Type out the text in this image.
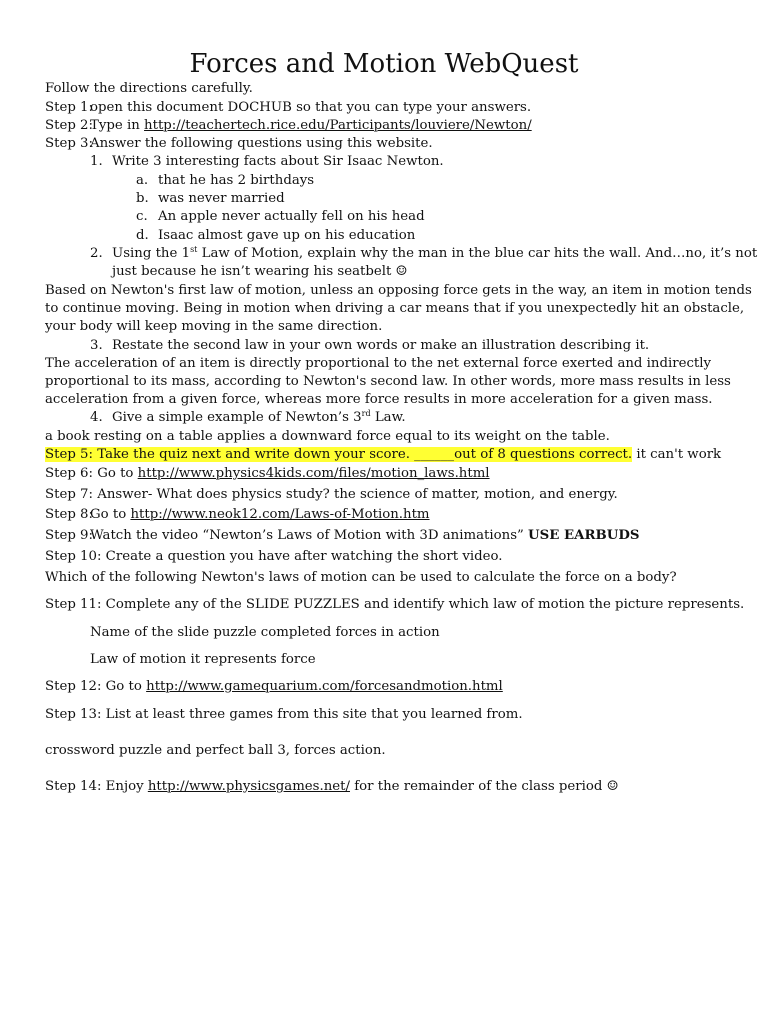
Forces and Motion WebQuest
Follow the directions carefully.
Step 1:open this document DOCHUB so that you can type your answers.
Step 2:Type in http://teachertech.rice.edu/Participants/louviere/Newton/
Step 3:Answer the following questions using this website.
1. Write 3 interesting facts about Sir Isaac Newton.
a. that he has 2 birthdays
b. was never married
c. An apple never actually fell on his head
d. Isaac almost gave up on his education
2. Using the 1st Law of Motion, explain why the man in the blue car hits the wall. And…no, it’s not
just because he isn’t wearing his seatbelt ☺
Based on Newton's first law of motion, unless an opposing force gets in the way, an item in motion tends
to continue moving. Being in motion when driving a car means that if you unexpectedly hit an obstacle,
your body will keep moving in the same direction.
3. Restate the second law in your own words or make an illustration describing it.
The acceleration of an item is directly proportional to the net external force exerted and indirectly
proportional to its mass, according to Newton's second law. In other words, more mass results in less
acceleration from a given force, whereas more force results in more acceleration for a given mass.
4. Give a simple example of Newton’s 3rd Law.
a book resting on a table applies a downward force equal to its weight on the table.
Step 5: Take the quiz next and write down your score. ______out of 8 questions correct. it can't work
Step 6: Go to http://www.physics4kids.com/files/motion_laws.html
Step 7: Answer- What does physics study? the science of matter, motion, and energy.
Step 8:Go to http://www.neok12.com/Laws-of-Motion.htm
Step 9:Watch the video “Newton’s Laws of Motion with 3D animations” USE EARBUDS
Step 10: Create a question you have after watching the short video.
Which of the following Newton's laws of motion can be used to calculate the force on a body?
Step 11: Complete any of the SLIDE PUZZLES and identify which law of motion the picture represents.
Name of the slide puzzle completed forces in action
Law of motion it represents force
Step 12: Go to http://www.gamequarium.com/forcesandmotion.html
Step 13: List at least three games from this site that you learned from.
crossword puzzle and perfect ball 3, forces action.
Step 14: Enjoy http://www.physicsgames.net/ for the remainder of the class period ☺
